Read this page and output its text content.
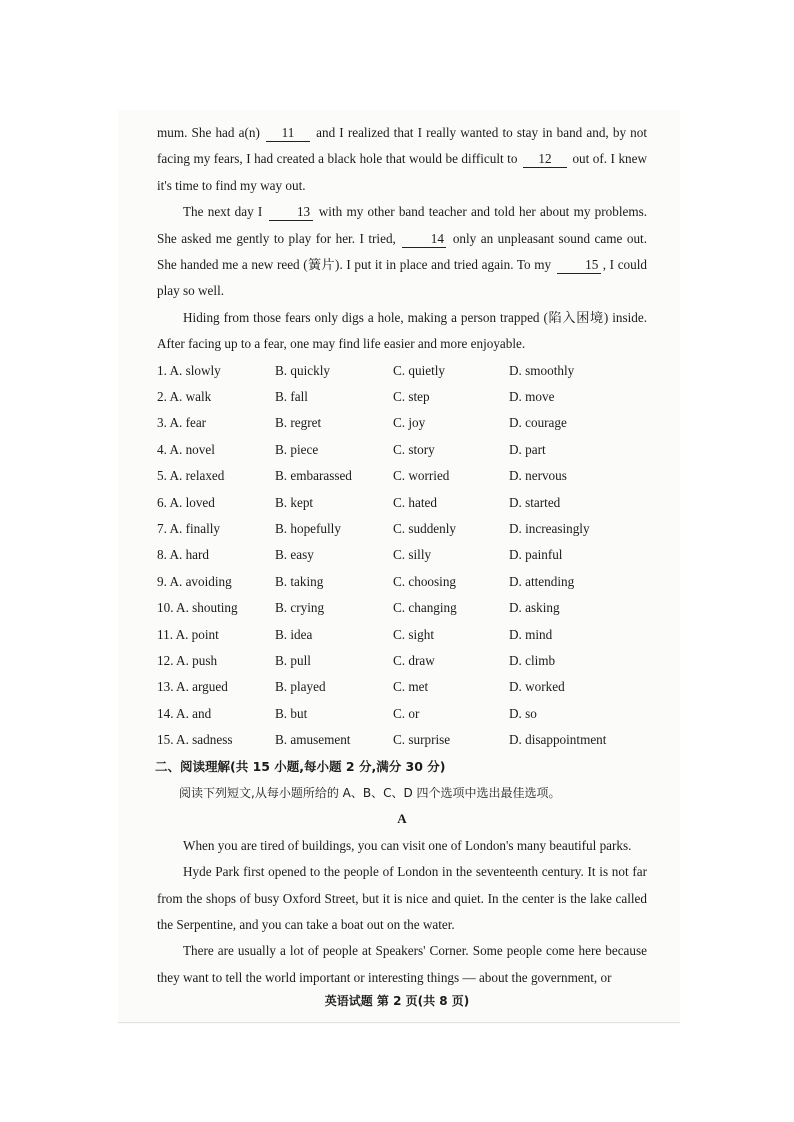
mum. She had a(n) 11 and I realized that I really wanted to stay in band and, by not facing my fears, I had created a black hole that would be difficult to 12 out of. I knew it's time to find my way out.

The next day I	13 with my other band teacher and told her about my problems. She asked me gently to play for her. I tried,	14 only an unpleasant sound came out. She handed me a new reed (簧片). I put it in place and tried again. To my	15 , I could play so well.

Hiding from those fears only digs a hole, making a person trapped (陷入困境) inside. After facing up to a fear, one may find life easier and more enjoyable.

1. A. slowly	B. quickly	C. quietly	D. smoothly
2. A. walk	B. fall	C. step	D. move
3. A. fear	B. regret	C. joy	D. courage
4. A. novel	B. piece	C. story	D. part
5. A. relaxed	B. embarassed	C. worried	D. nervous
6. A. loved	B. kept	C. hated	D. started
7. A. finally	B. hopefully	C. suddenly	D. increasingly
8. A. hard	B. easy	C. silly	D. painful
9. A. avoiding	B. taking	C. choosing	D. attending
10. A. shouting	B. crying	C. changing	D. asking
11. A. point	B. idea	C. sight	D. mind
12. A. push	B. pull	C. draw	D. climb
13. A. argued	B. played	C. met	D. worked
14. A. and	B. but	C. or	D. so
15. A. sadness	B. amusement	C. surprise	D. disappointment
二、阅读理解(共 15 小题,每小题 2 分,满分 30 分)
阅读下列短文,从每小题所给的 A、B、C、D 四个选项中选出最佳选项。
A

When you are tired of buildings, you can visit one of London's many beautiful parks.

Hyde Park first opened to the people of London in the seventeenth century. It is not far from the shops of busy Oxford Street, but it is nice and quiet. In the center is the lake called the Serpentine, and you can take a boat out on the water.

There are usually a lot of people at Speakers' Corner. Some people come here because they want to tell the world important or interesting things — about the government, or

英语试题 第 2 页(共 8 页)
